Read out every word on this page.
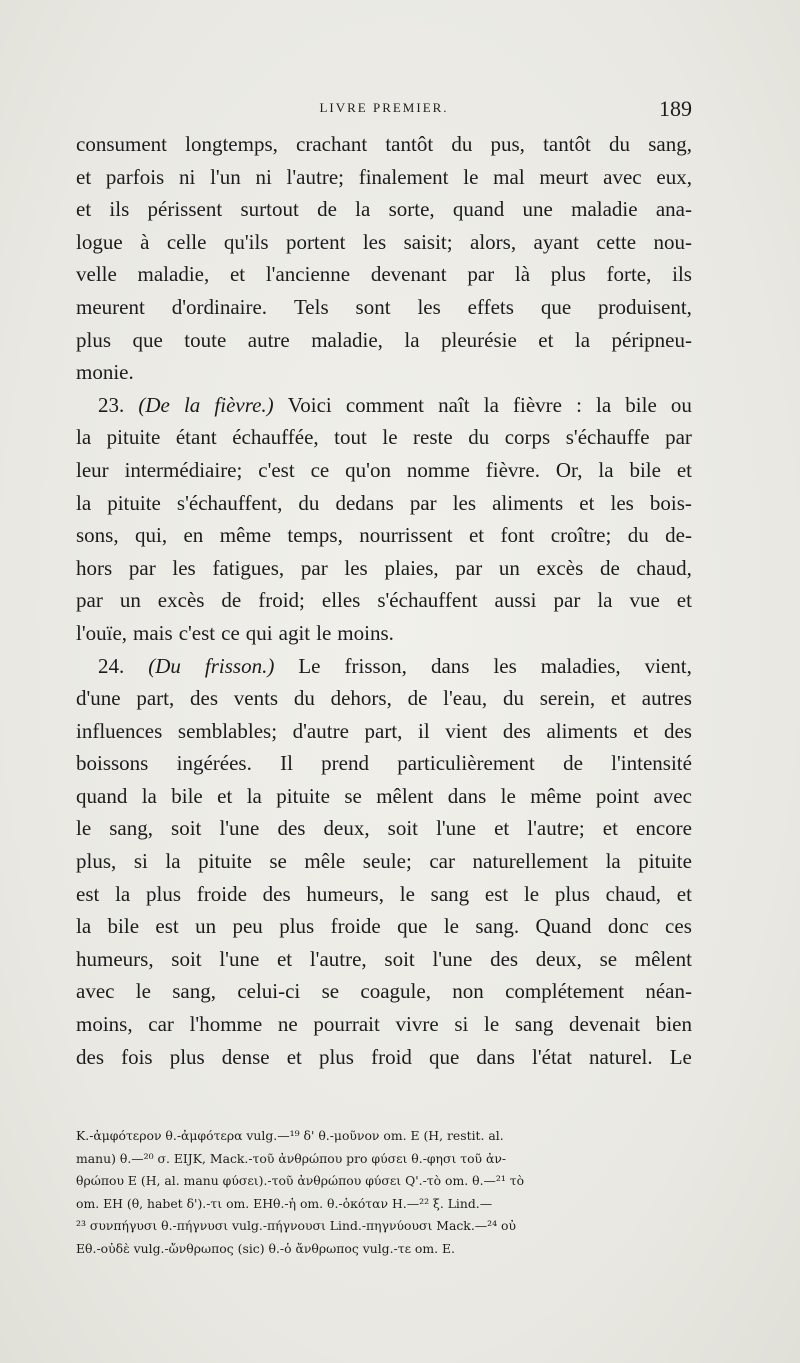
LIVRE PREMIER.	189
consument longtemps, crachant tantôt du pus, tantôt du sang,
et parfois ni l'un ni l'autre; finalement le mal meurt avec eux,
et ils périssent surtout de la sorte, quand une maladie ana-
logue à celle qu'ils portent les saisit; alors, ayant cette nou-
velle maladie, et l'ancienne devenant par là plus forte, ils
meurent d'ordinaire. Tels sont les effets que produisent,
plus que toute autre maladie, la pleurésie et la péripneu-
monie.
23. (De la fièvre.) Voici comment naît la fièvre : la bile ou
la pituite étant échauffée, tout le reste du corps s'échauffe par
leur intermédiaire; c'est ce qu'on nomme fièvre. Or, la bile et
la pituite s'échauffent, du dedans par les aliments et les bois-
sons, qui, en même temps, nourrissent et font croître; du de-
hors par les fatigues, par les plaies, par un excès de chaud,
par un excès de froid; elles s'échauffent aussi par la vue et
l'ouïe, mais c'est ce qui agit le moins.
24. (Du frisson.) Le frisson, dans les maladies, vient,
d'une part, des vents du dehors, de l'eau, du serein, et autres
influences semblables; d'autre part, il vient des aliments et des
boissons ingérées. Il prend particulièrement de l'intensité
quand la bile et la pituite se mêlent dans le même point avec
le sang, soit l'une des deux, soit l'une et l'autre; et encore
plus, si la pituite se mêle seule; car naturellement la pituite
est la plus froide des humeurs, le sang est le plus chaud, et
la bile est un peu plus froide que le sang. Quand donc ces
humeurs, soit l'une et l'autre, soit l'une des deux, se mêlent
avec le sang, celui-ci se coagule, non complétement néan-
moins, car l'homme ne pourrait vivre si le sang devenait bien
des fois plus dense et plus froid que dans l'état naturel. Le
K.-ἀμφότερον θ.-ἀμφότερα vulg.—¹⁹ δ' θ.-μοῦνον om. E (H, restit. al.
manu) θ.—²⁰ σ. EIJK, Mack.-τοῦ ἀνθρώπου pro φύσει θ.-φησι τοῦ ἀν-
θρώπου E (H, al. manu φύσει).-τοῦ ἀνθρώπου φύσει Q'.-τὸ om. θ.—²¹ τὸ
om. EH (θ, habet δ').-τι om. EHθ.-ἡ om. θ.-ὁκόταν H.—²² ξ. Lind.—
²³ συνπήγυσι θ.-πήγνυσι vulg.-πήγνουσι Lind.-πηγνύουσι Mack.—²⁴ οὐ
Eθ.-οὐδὲ vulg.-ὤνθρωπος (sic) θ.-ὁ ἄνθρωπος vulg.-τε om. E.
